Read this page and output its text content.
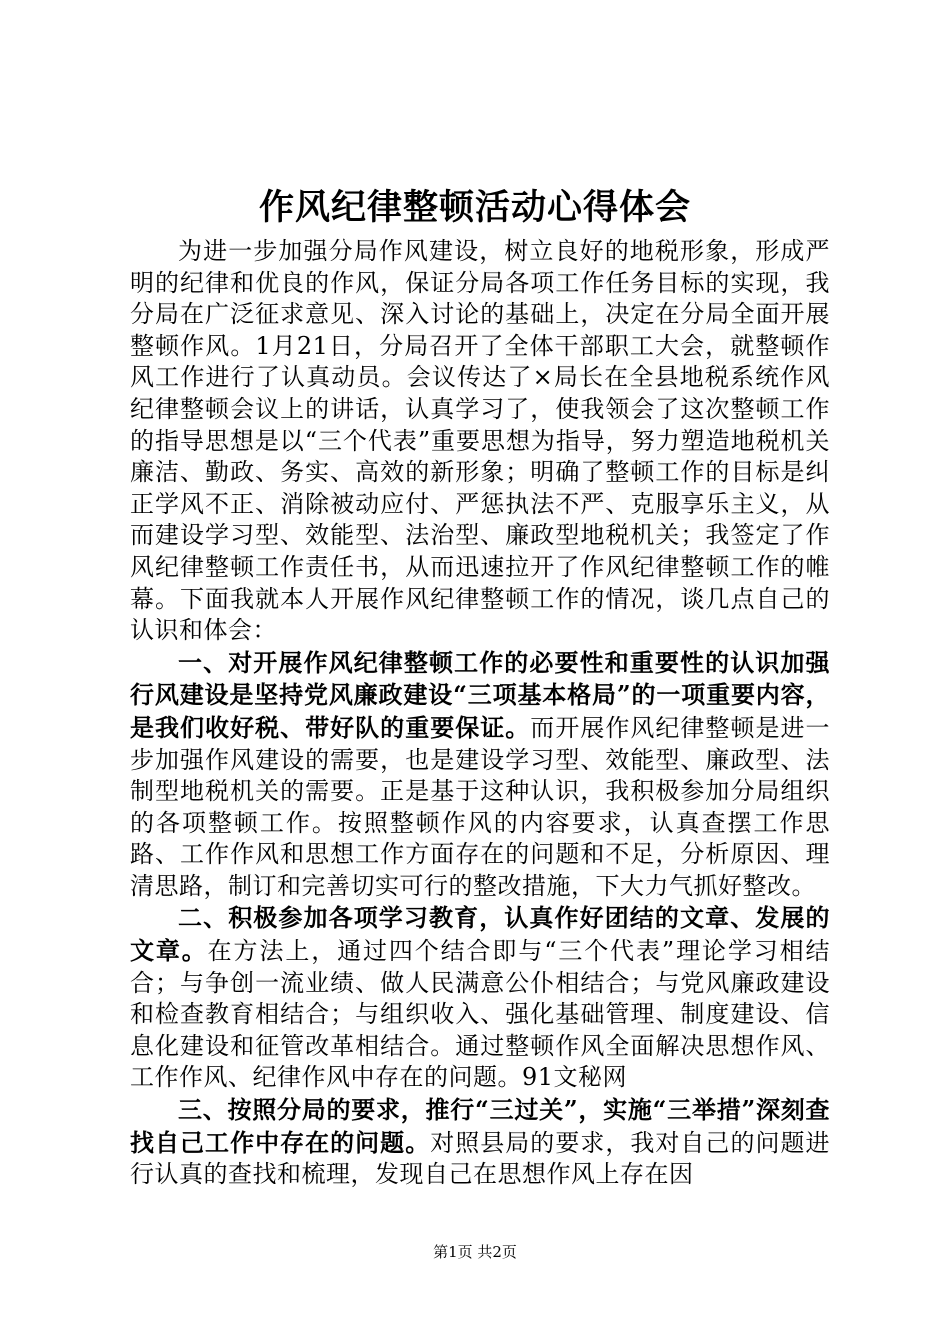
作风纪律整顿活动心得体会

为进一步加强分局作风建设，树立良好的地税形象，形成严明的纪律和优良的作风，保证分局各项工作任务目标的实现，我分局在广泛征求意见、深入讨论的基础上，决定在分局全面开展整顿作风。1月21日，分局召开了全体干部职工大会，就整顿作风工作进行了认真动员。会议传达了×局长在全县地税系统作风纪律整顿会议上的讲话，认真学习了，使我领会了这次整顿工作的指导思想是以“三个代表”重要思想为指导，努力塑造地税机关廉洁、勤政、务实、高效的新形象；明确了整顿工作的目标是纠正学风不正、消除被动应付、严惩执法不严、克服享乐主义，从而建设学习型、效能型、法治型、廉政型地税机关；我签定了作风纪律整顿工作责任书，从而迅速拉开了作风纪律整顿工作的帷幕。下面我就本人开展作风纪律整顿工作的情况，谈几点自己的认识和体会：

一、对开展作风纪律整顿工作的必要性和重要性的认识加强行风建设是坚持党风廉政建设“三项基本格局”的一项重要内容，是我们收好税、带好队的重要保证。而开展作风纪律整顿是进一步加强作风建设的需要，也是建设学习型、效能型、廉政型、法制型地税机关的需要。正是基于这种认识，我积极参加分局组织的各项整顿工作。按照整顿作风的内容要求，认真查摆工作思路、工作作风和思想工作方面存在的问题和不足，分析原因、理清思路，制订和完善切实可行的整改措施，下大力气抓好整改。

二、积极参加各项学习教育，认真作好团结的文章、发展的文章。在方法上，通过四个结合即与“三个代表”理论学习相结合；与争创一流业绩、做人民满意公仆相结合；与党风廉政建设和检查教育相结合；与组织收入、强化基础管理、制度建设、信息化建设和征管改革相结合。通过整顿作风全面解决思想作风、工作作风、纪律作风中存在的问题。91文秘网

三、按照分局的要求，推行“三过关”，实施“三举措”深刻查找自己工作中存在的问题。对照县局的要求，我对自己的问题进行认真的查找和梳理，发现自己在思想作风上存在因

第1页 共2页
